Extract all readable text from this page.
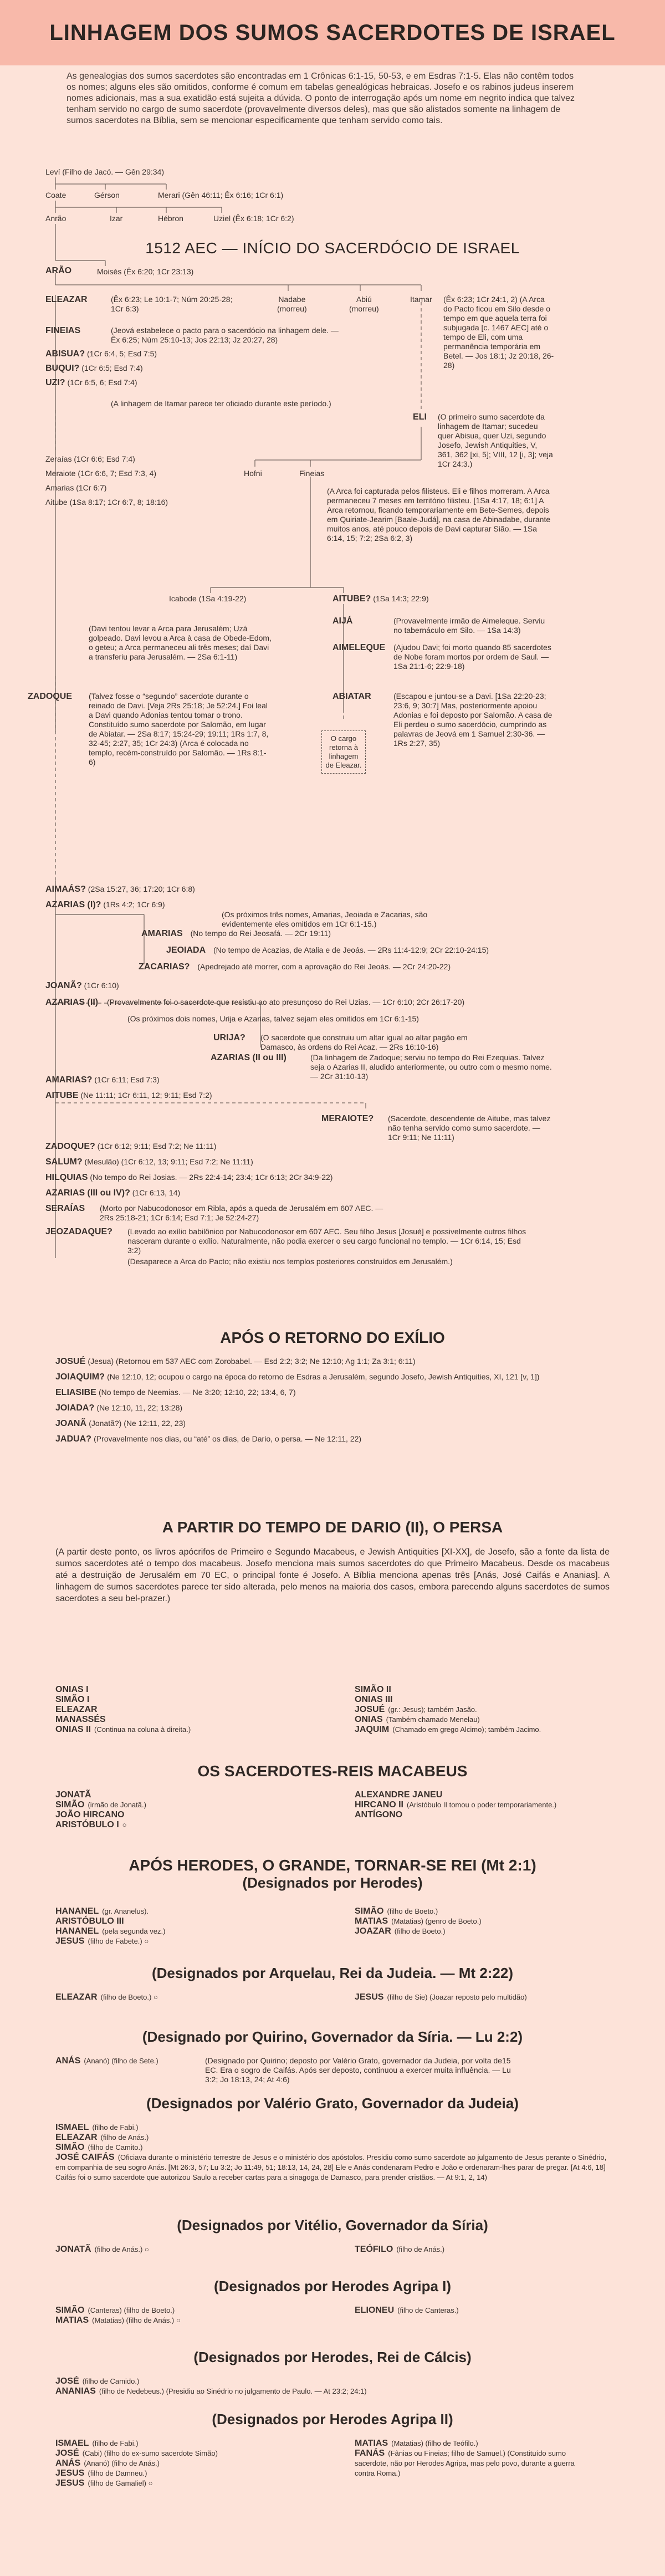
LINHAGEM DOS SUMOS SACERDOTES DE ISRAEL
As genealogias dos sumos sacerdotes são encontradas em 1 Crônicas 6:1-15, 50-53, e em Esdras 7:1-5. Elas não contêm todos os nomes; alguns eles são omitidos, conforme é comum em tabelas genealógicas hebraicas. Josefo e os rabinos judeus inserem nomes adicionais, mas a sua exatidão está sujeita a dúvida. O ponto de interrogação após um nome em negrito indica que talvez tenham servido no cargo de sumo sacerdote (provavelmente diversos deles), mas que são alistados somente na linhagem de sumos sacerdotes na Bíblia, sem se mencionar especificamente que tenham servido como tais.
Leví (Filho de Jacó. — Gên 29:34)
Coate	Gérson	Merari (Gên 46:11; Êx 6:16; 1Cr 6:1)
Anrão	Izar	Hébron	Uziel (Êx 6:18; 1Cr 6:2)
1512 AEC — INÍCIO DO SACERDÓCIO DE ISRAEL
ARÃO	Moisés (Êx 6:20; 1Cr 23:13)
ELEAZAR	(Êx 6:23; Le 10:1-7; Núm 20:25-28; 1Cr 6:3)
Nadabe
(morreu)
Abiú
(morreu)
Itamar (Êx 6:23; 1Cr 24:1, 2) (A Arca do Pacto ficou em Silo desde o tempo em que aquela terra foi subjugada [c. 1467 AEC] até o tempo de Eli, com uma permanência temporária em Betel. — Jos 18:1; Jz 20:18, 26-28)
FINEIAS	(Jeová estabelece o pacto para o sacerdócio na linhagem dele. — Êx 6:25; Núm 25:10-13; Jos 22:13; Jz 20:27, 28)
ABISUA? (1Cr 6:4, 5; Esd 7:5)
BUQUI? (1Cr 6:5; Esd 7:4)
UZI? (1Cr 6:5, 6; Esd 7:4)
(A linhagem de Itamar parece ter oficiado durante este período.)
ELI (O primeiro sumo sacerdote da linhagem de Itamar; sucedeu quer Abisua, quer Uzi, segundo Josefo, Jewish Antiquities, V, 361, 362 [xi, 5]; VIII, 12 [i, 3]; veja 1Cr 24:3.)
Zeraías (1Cr 6:6; Esd 7:4)
Meraiote (1Cr 6:6, 7; Esd 7:3, 4)	Hofni	Fineias
Amarias (1Cr 6:7)
Aitube (1Sa 8:17; 1Cr 6:7, 8; 18:16)
(A Arca foi capturada pelos filisteus. Eli e filhos morreram. A Arca permaneceu 7 meses em território filisteu. [1Sa 4:17, 18; 6:1] A Arca retornou, ficando temporariamente em Bete-Semes, depois em Quiriate-Jearim [Baale-Judá], na casa de Abinadabe, durante muitos anos, até pouco depois de Davi capturar Sião. — 1Sa 6:14, 15; 7:2; 2Sa 6:2, 3)
Icabode (1Sa 4:19-22)	AITUBE? (1Sa 14:3; 22:9)
AIJÁ	(Provavelmente irmão de Aimeleque. Serviu no tabernáculo em Silo. — 1Sa 14:3)
AIMELEQUE (Ajudou Davi; foi morto quando 85 sacerdotes de Nobe foram mortos por ordem de Saul. — 1Sa 21:1-6; 22:9-18)
(Davi tentou levar a Arca para Jerusalém; Uzá golpeado. Davi levou a Arca à casa de Obede-Edom, o geteu; a Arca permaneceu ali três meses; daí Davi a transferiu para Jerusalém. — 2Sa 6:1-11)
ZADOQUE (Talvez fosse o “segundo” sacerdote durante o reinado de Davi. [Veja 2Rs 25:18; Je 52:24.] Foi leal a Davi quando Adonias tentou tomar o trono. Constituído sumo sacerdote por Salomão, em lugar de Abiatar. — 2Sa 8:17; 15:24-29; 19:11; 1Rs 1:7, 8, 32-45; 2:27, 35; 1Cr 24:3) (Arca é colocada no templo, recém-construído por Salomão. — 1Rs 8:1-6)
ABIATAR	(Escapou e juntou-se a Davi. [1Sa 22:20-23; 23:6, 9; 30:7] Mas, posteriormente apoiou Adonias e foi deposto por Salomão. A casa de Eli perdeu o sumo sacerdócio, cumprindo as palavras de Jeová em 1 Samuel 2:30-36. — 1Rs 2:27, 35)
O cargo retorna à linhagem de Eleazar.
AIMAÁS? (2Sa 15:27, 36; 17:20; 1Cr 6:8)
AZARIAS (I)? (1Rs 4:2; 1Cr 6:9)
(Os próximos três nomes, Amarias, Jeoiada e Zacarias, são evidentemente eles omitidos em 1Cr 6:1-15.)
AMARIAS (No tempo do Rei Jeosafá. — 2Cr 19:11)
JEOIADA (No tempo de Acazias, de Atalia e de Jeoás. — 2Rs 11:4-12:9; 2Cr 22:10-24:15)
ZACARIAS? (Apedrejado até morrer, com a aprovação do Rei Jeoás. — 2Cr 24:20-22)
JOANÃ? (1Cr 6:10)
AZARIAS (II) (Provavelmente foi o sacerdote que resistiu ao ato presunçoso do Rei Uzias. — 1Cr 6:10; 2Cr 26:17-20)
(Os próximos dois nomes, Urija e Azarias, talvez sejam eles omitidos em 1Cr 6:1-15)
URIJA? (O sacerdote que construiu um altar igual ao altar pagão em Damasco, às ordens do Rei Acaz. — 2Rs 16:10-16)
AZARIAS (II ou III)	(Da linhagem de Zadoque; serviu no tempo do Rei Ezequias. Talvez seja o Azarias II, aludido anteriormente, ou outro com o mesmo nome. — 2Cr 31:10-13)
AMARIAS? (1Cr 6:11; Esd 7:3)
AITUBE (Ne 11:11; 1Cr 6:11, 12; 9:11; Esd 7:2)
MERAIOTE? (Sacerdote, descendente de Aitube, mas talvez não tenha servido como sumo sacerdote. — 1Cr 9:11; Ne 11:11)
ZADOQUE? (1Cr 6:12; 9:11; Esd 7:2; Ne 11:11)
SALUM? (Mesulão) (1Cr 6:12, 13; 9:11; Esd 7:2; Ne 11:11)
HILQUIAS (No tempo do Rei Josias. — 2Rs 22:4-14; 23:4; 1Cr 6:13; 2Cr 34:9-22)
AZARIAS (III ou IV)? (1Cr 6:13, 14)
SERAÍAS (Morto por Nabucodonosor em Ribla, após a queda de Jerusalém em 607 AEC. — 2Rs 25:18-21; 1Cr 6:14; Esd 7:1; Je 52:24-27)
JEOZADAQUE? (Levado ao exílio babilônico por Nabucodonosor em 607 AEC. Seu filho Jesus [Josué] e possivelmente outros filhos nasceram durante o exílio. Naturalmente, não podia exercer o seu cargo funcional no templo. — 1Cr 6:14, 15; Esd 3:2)
(Desaparece a Arca do Pacto; não existiu nos templos posteriores construídos em Jerusalém.)
APÓS O RETORNO DO EXÍLIO
JOSUÉ (Jesua) (Retornou em 537 AEC com Zorobabel. — Esd 2:2; 3:2; Ne 12:10; Ag 1:1; Za 3:1; 6:11)
JOIAQUIM? (Ne 12:10, 12; ocupou o cargo na época do retorno de Esdras a Jerusalém, segundo Josefo, Jewish Antiquities, XI, 121 [v, 1])
ELIASIBE (No tempo de Neemias. — Ne 3:20; 12:10, 22; 13:4, 6, 7)
JOIADA? (Ne 12:10, 11, 22; 13:28)
JOANÃ (Jonatã?) (Ne 12:11, 22, 23)
JADUA? (Provavelmente nos dias, ou “até” os dias, de Dario, o persa. — Ne 12:11, 22)
A PARTIR DO TEMPO DE DARIO (II), O PERSA
(A partir deste ponto, os livros apócrifos de Primeiro e Segundo Macabeus, e Jewish Antiquities [XI-XX], de Josefo, são a fonte da lista de sumos sacerdotes até o tempo dos macabeus. Josefo menciona mais sumos sacerdotes do que Primeiro Macabeus. Desde os macabeus até a destruição de Jerusalém em 70 EC, o principal fonte é Josefo. A Bíblia menciona apenas três [Anás, José Caifás e Ananias]. A linhagem de sumos sacerdotes parece ter sido alterada, pelo menos na maioria dos casos, embora parecendo alguns sacerdotes de sumos sacerdotes a seu bel-prazer.)
ONIAS I
SIMÃO I
ELEAZAR
MANASSÉS
ONIAS II (Continua na coluna à direita.)
SIMÃO II
ONIAS III
JOSUÉ (gr.: Jesus); também Jasão.
ONIAS (Também chamado Menelau)
JAQUIM (Chamado em grego Alcimo); também Jacimo.
OS SACERDOTES-REIS MACABEUS
JONATÃ
SIMÃO (irmão de Jonatã.)
JOÃO HIRCANO
ARISTÓBULO I ○
ALEXANDRE JANEU
HIRCANO II (Aristóbulo II tomou o poder temporariamente.)
ANTÍGONO
APÓS HERODES, O GRANDE, TORNAR-SE REI (Mt 2:1)
(Designados por Herodes)
HANANEL (gr. Ananelus).
ARISTÓBULO III
HANANEL (pela segunda vez.)
JESUS (filho de Fabete.) ○
SIMÃO (filho de Boeto.)
MATIAS (Matatias) (genro de Boeto.)
JOAZAR (filho de Boeto.)
(Designados por Arquelau, Rei da Judeia. — Mt 2:22)
ELEAZAR (filho de Boeto.) ○	JESUS (filho de Sie) (Joazar reposto pelo multidão)
(Designado por Quirino, Governador da Síria. — Lu 2:2)
ANÁS (Ananó) (filho de Sete.)	(Designado por Quirino; deposto por Valério Grato, governador da Judeia, por volta de15 EC. Era o sogro de Caifás. Após ser deposto, continuou a exercer muita influência. — Lu 3:2; Jo 18:13, 24; At 4:6)
(Designados por Valério Grato, Governador da Judeia)
ISMAEL (filho de Fabi.)
ELEAZAR (filho de Anás.)
SIMÃO (filho de Camito.)
JOSÉ CAIFÁS (Oficiava durante o ministério terrestre de Jesus e o ministério dos apóstolos. Presidiu como sumo sacerdote ao julgamento de Jesus perante o Sinédrio, em companhia de seu sogro Anás. [Mt 26:3, 57; Lu 3:2; Jo 11:49, 51; 18:13, 14, 24, 28] Ele e Anás condenaram Pedro e João e ordenaram-lhes parar de pregar. [At 4:6, 18] Caifás foi o sumo sacerdote que autorizou Saulo a receber cartas para a sinagoga de Damasco, para prender cristãos. — At 9:1, 2, 14)
(Designados por Vitélio, Governador da Síria)
JONATÃ (filho de Anás.) ○	TEÓFILO (filho de Anás.)
(Designados por Herodes Agripa I)
SIMÃO (Canteras) (filho de Boeto.)
MATIAS (Matatias) (filho de Anás.) ○
ELIONEU (filho de Canteras.)
(Designados por Herodes, Rei de Cálcis)
JOSÉ (filho de Camido.)
ANANIAS (filho de Nedebeus.) (Presidiu ao Sinédrio no julgamento de Paulo. — At 23:2; 24:1)
(Designados por Herodes Agripa II)
ISMAEL (filho de Fabi.)
JOSÉ (Cabi) (filho do ex-sumo sacerdote Simão)
ANÁS (Ananó) (filho de Anás.)
JESUS (filho de Damneu.)
JESUS (filho de Gamaliel) ○
MATIAS (Matatias) (filho de Teófilo.)
FANÁS (Fânias ou Fineias; filho de Samuel.) (Constituído sumo sacerdote, não por Herodes Agripa, mas pelo povo, durante a guerra contra Roma.)
